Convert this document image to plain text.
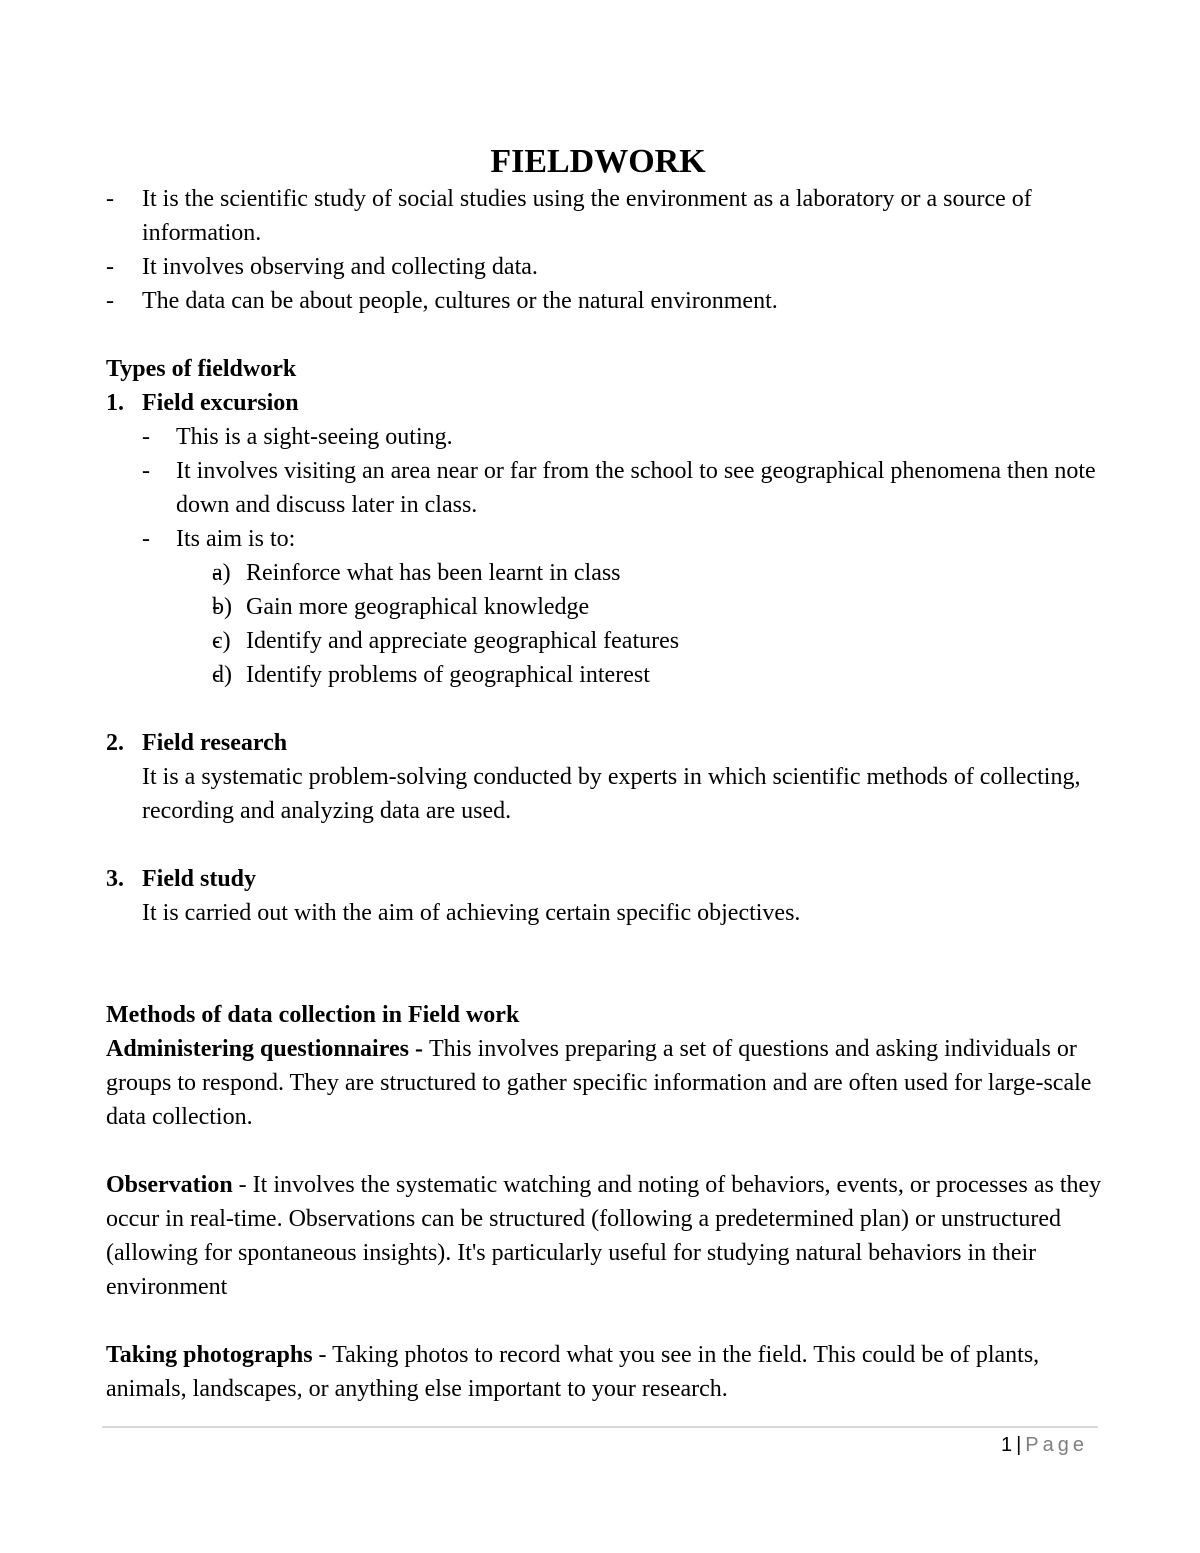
FIELDWORK
- It is the scientific study of social studies using the environment as a laboratory or a source of information.
- It involves observing and collecting data.
- The data can be about people, cultures or the natural environment.
Types of fieldwork
1. Field excursion
- This is a sight-seeing outing.
- It involves visiting an area near or far from the school to see geographical phenomena then note down and discuss later in class.
- Its aim is to:
- a) Reinforce what has been learnt in class
- b) Gain more geographical knowledge
- c) Identify and appreciate geographical features
- d) Identify problems of geographical interest
2. Field research

It is a systematic problem-solving conducted by experts in which scientific methods of collecting, recording and analyzing data are used.

3. Field study

It is carried out with the aim of achieving certain specific objectives.

Methods of data collection in Field work

Administering questionnaires - This involves preparing a set of questions and asking individuals or groups to respond. They are structured to gather specific information and are often used for large-scale data collection.

Observation - It involves the systematic watching and noting of behaviors, events, or processes as they occur in real-time. Observations can be structured (following a predetermined plan) or unstructured (allowing for spontaneous insights). It's particularly useful for studying natural behaviors in their environment

Taking photographs - Taking photos to record what you see in the field. This could be of plants, animals, landscapes, or anything else important to your research.

1 | Page
